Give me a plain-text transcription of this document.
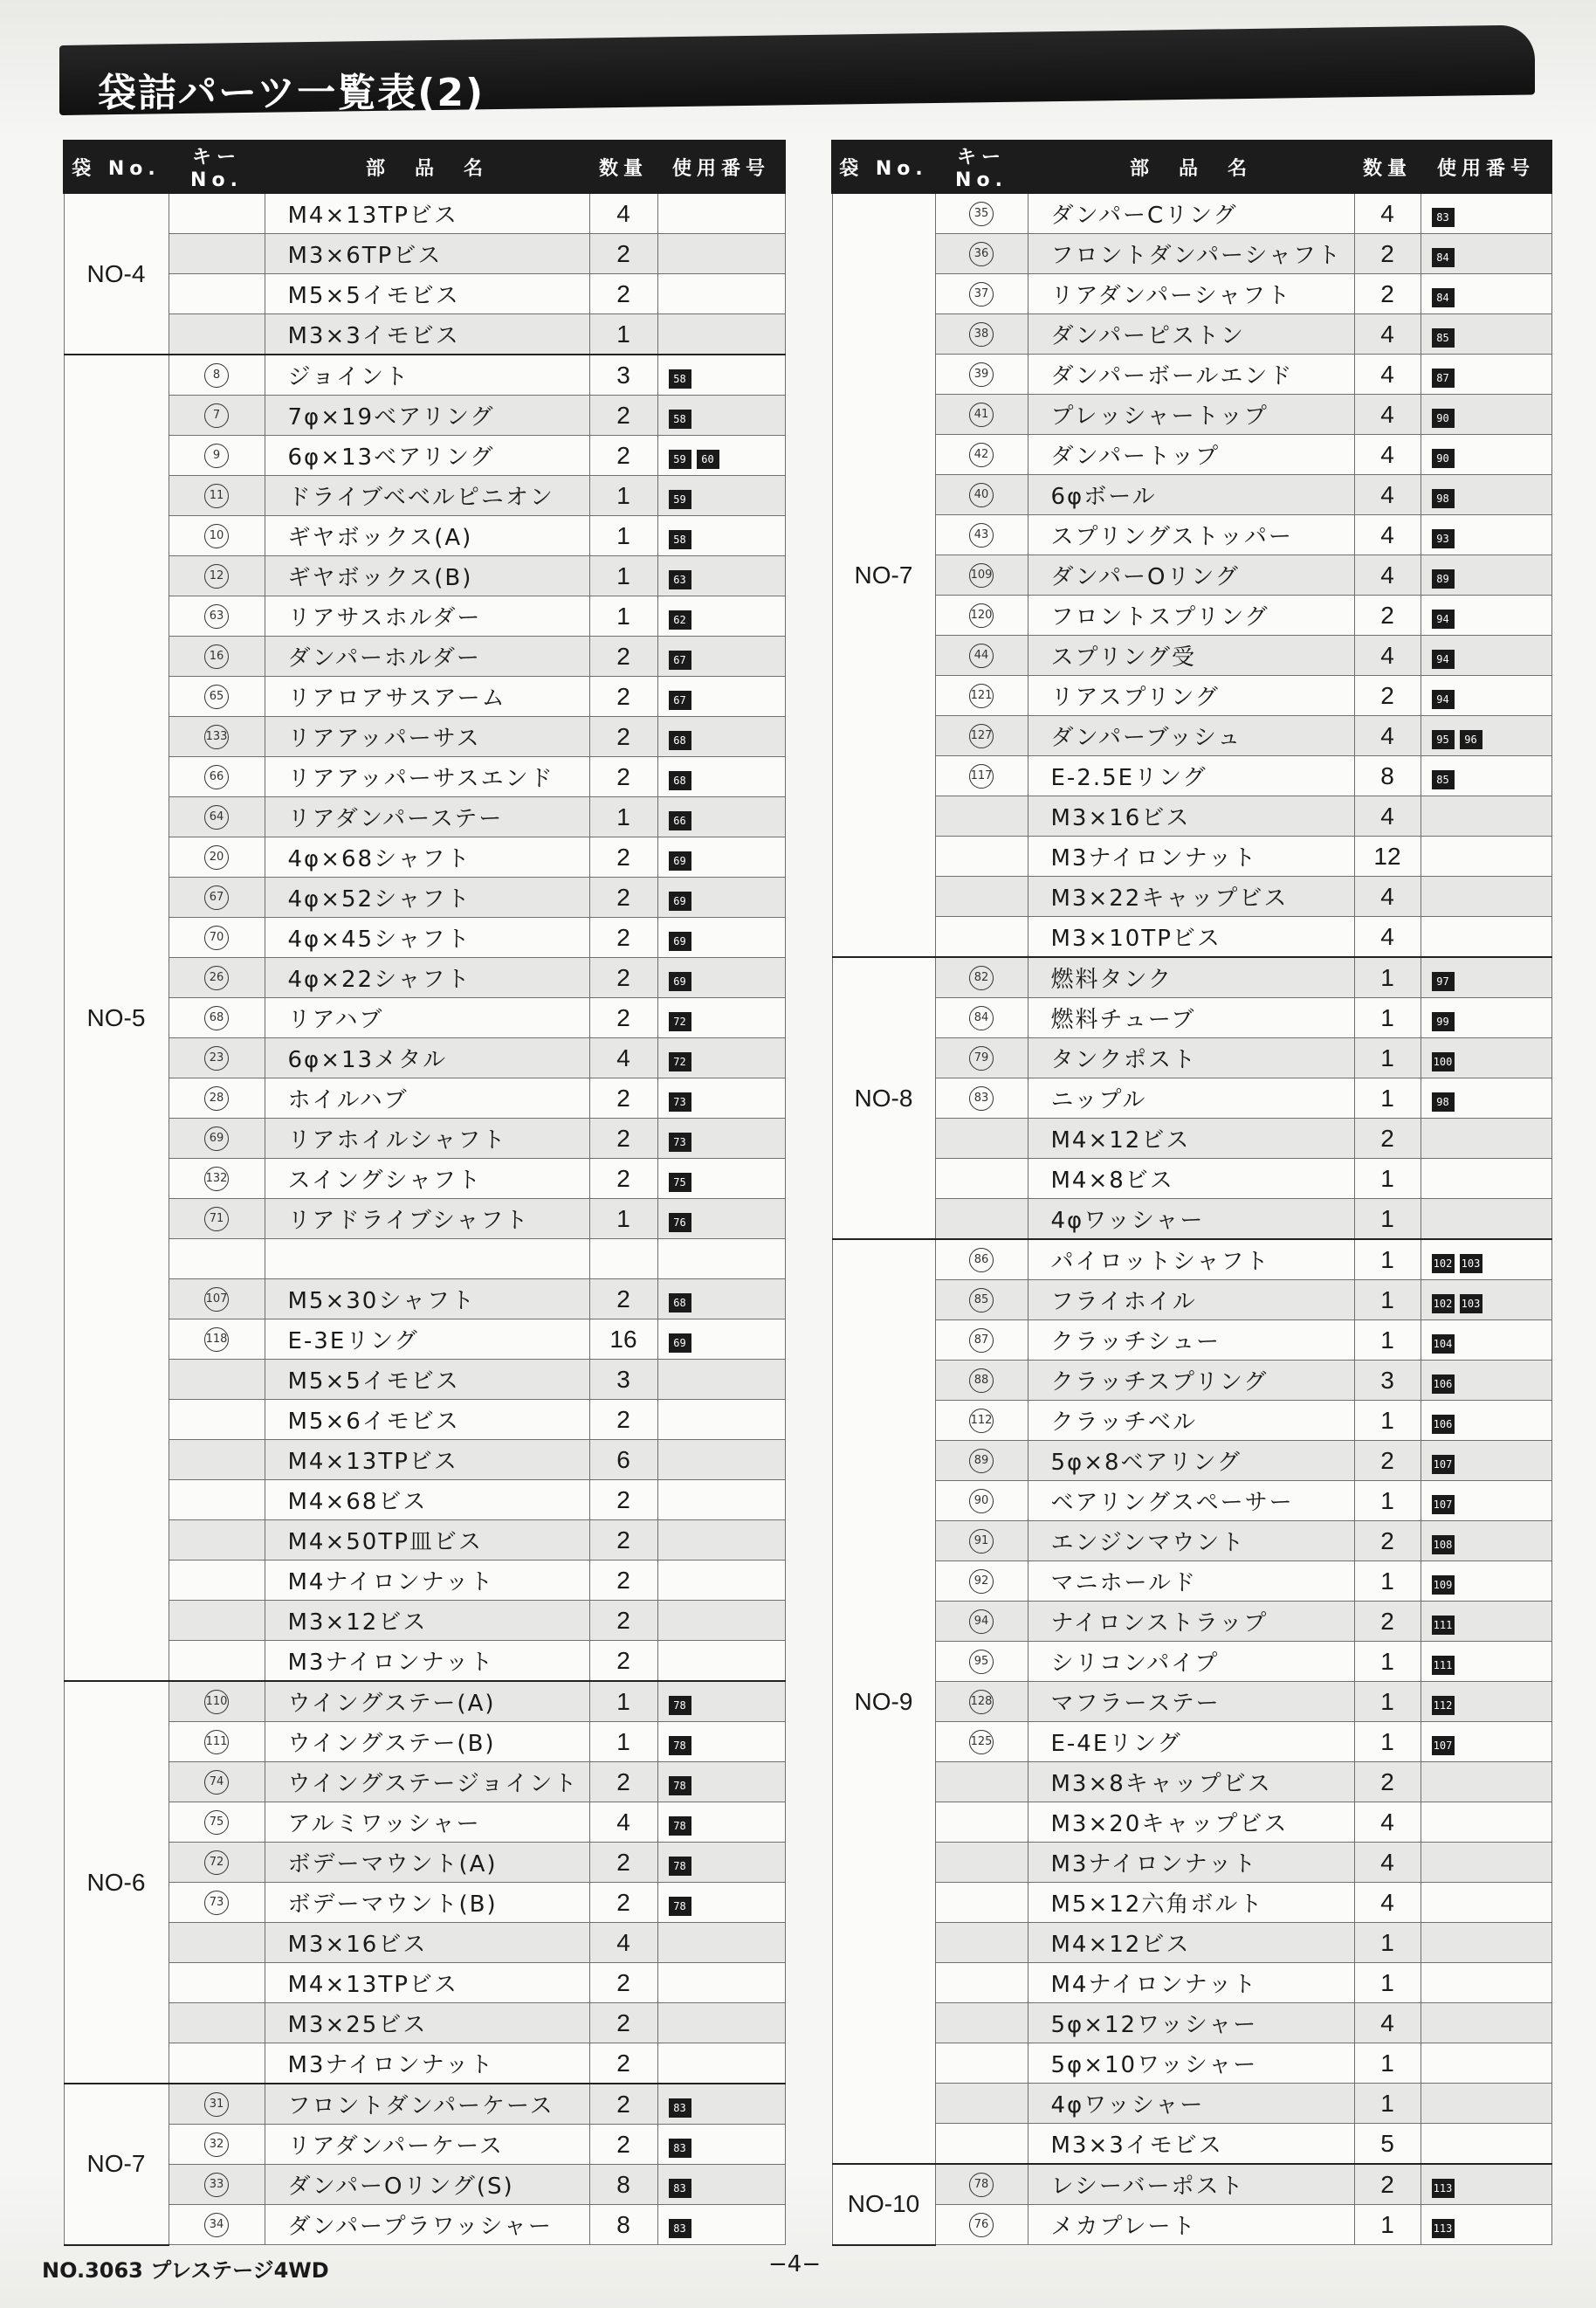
袋詰パーツ一覧表(2)
袋 No.	キーNo.	部　品　名	数量	使用番号
NO-4		M4×13TPビス	4	
		M3×6TPビス	2	
		M5×5イモビス	2	
		M3×3イモビス	1	
NO-5	8	ジョイント	3	58
	7	7φ×19ベアリング	2	58
	9	6φ×13ベアリング	2	59 60
	11	ドライブベベルピニオン	1	59
	10	ギヤボックス(A)	1	58
	12	ギヤボックス(B)	1	63
	63	リアサスホルダー	1	62
	16	ダンパーホルダー	2	67
	65	リアロアサスアーム	2	67
	133	リアアッパーサス	2	68
	66	リアアッパーサスエンド	2	68
	64	リアダンパーステー	1	66
	20	4φ×68シャフト	2	69
	67	4φ×52シャフト	2	69
	70	4φ×45シャフト	2	69
	26	4φ×22シャフト	2	69
	68	リアハブ	2	72
	23	6φ×13メタル	4	72
	28	ホイルハブ	2	73
	69	リアホイルシャフト	2	73
	132	スイングシャフト	2	75
	71	リアドライブシャフト	1	76

	107	M5×30シャフト	2	68
	118	E-3Eリング	16	69
		M5×5イモビス	3	
		M5×6イモビス	2	
		M4×13TPビス	6	
		M4×68ビス	2	
		M4×50TP皿ビス	2	
		M4ナイロンナット	2	
		M3×12ビス	2	
		M3ナイロンナット	2	
NO-6	110	ウイングステー(A)	1	78
	111	ウイングステー(B)	1	78
	74	ウイングステージョイント	2	78
	75	アルミワッシャー	4	78
	72	ボデーマウント(A)	2	78
	73	ボデーマウント(B)	2	78
		M3×16ビス	4	
		M4×13TPビス	2	
		M3×25ビス	2	
		M3ナイロンナット	2	
NO-7	31	フロントダンパーケース	2	83
	32	リアダンパーケース	2	83
	33	ダンパーOリング(S)	8	83
	34	ダンパープラワッシャー	8	83
袋 No.	キーNo.	部　品　名	数量	使用番号
NO-7	35	ダンパーCリング	4	83
	36	フロントダンパーシャフト	2	84
	37	リアダンパーシャフト	2	84
	38	ダンパーピストン	4	85
	39	ダンパーボールエンド	4	87
	41	プレッシャートップ	4	90
	42	ダンパートップ	4	90
	40	6φボール	4	98
	43	スプリングストッパー	4	93
	109	ダンパーOリング	4	89
	120	フロントスプリング	2	94
	44	スプリング受	4	94
	121	リアスプリング	2	94
	127	ダンパーブッシュ	4	95 96
	117	E-2.5Eリング	8	85
		M3×16ビス	4	
		M3ナイロンナット	12	
		M3×22キャップビス	4	
		M3×10TPビス	4	
NO-8	82	燃料タンク	1	97
	84	燃料チューブ	1	99
	79	タンクポスト	1	100
	83	ニップル	1	98
		M4×12ビス	2	
		M4×8ビス	1	
		4φワッシャー	1	
NO-9	86	パイロットシャフト	1	102 103
	85	フライホイル	1	102 103
	87	クラッチシュー	1	104
	88	クラッチスプリング	3	106
	112	クラッチベル	1	106
	89	5φ×8ベアリング	2	107
	90	ベアリングスペーサー	1	107
	91	エンジンマウント	2	108
	92	マニホールド	1	109
	94	ナイロンストラップ	2	111
	95	シリコンパイプ	1	111
	128	マフラーステー	1	112
	125	E-4Eリング	1	107
		M3×8キャップビス	2	
		M3×20キャップビス	4	
		M3ナイロンナット	4	
		M5×12六角ボルト	4	
		M4×12ビス	1	
		M4ナイロンナット	1	
		5φ×12ワッシャー	4	
		5φ×10ワッシャー	1	
		4φワッシャー	1	
		M3×3イモビス	5	
NO-10	78	レシーバーポスト	2	113
	76	メカプレート	1	113
NO.3063 プレステージ4WD	−4−
